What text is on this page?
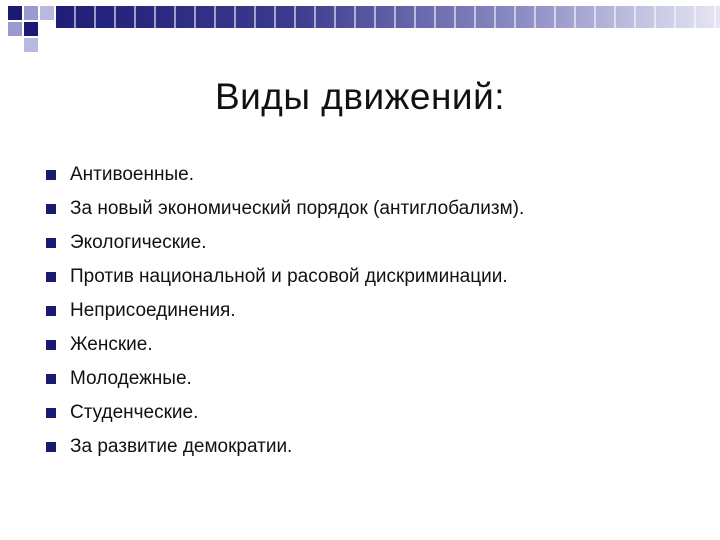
Виды движений:
Антивоенные.
За новый экономический порядок (антиглобализм).
Экологические.
Против национальной и расовой дискриминации.
Неприсоединения.
Женские.
Молодежные.
Студенческие.
За развитие демократии.
